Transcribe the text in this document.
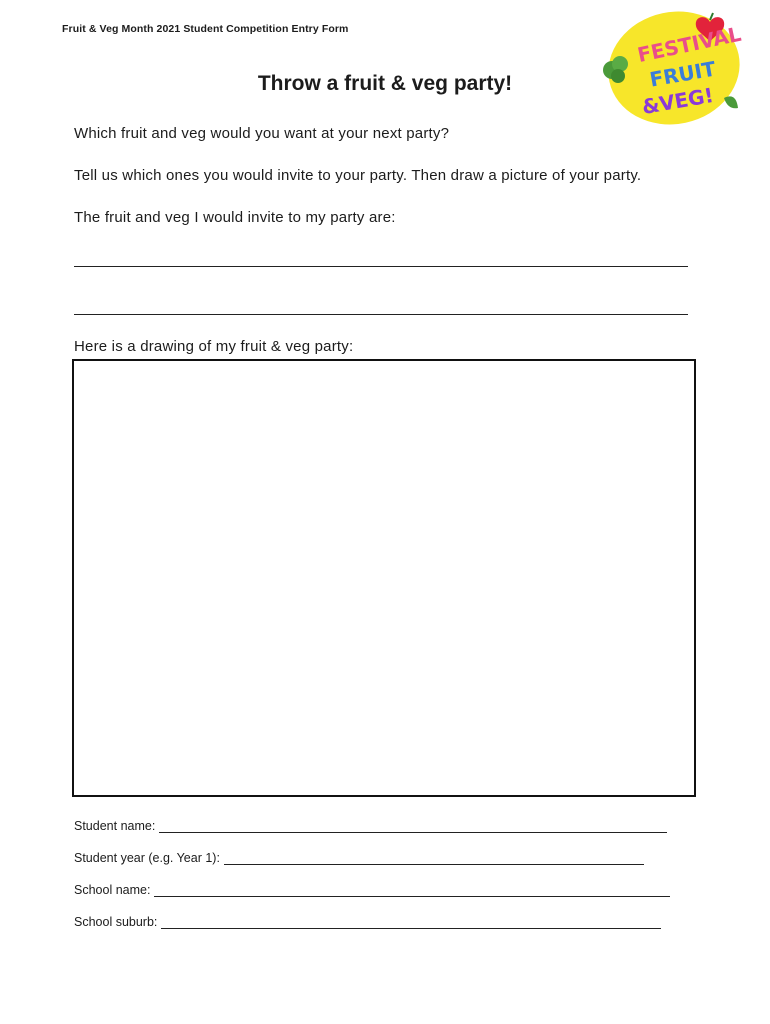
Fruit & Veg Month 2021 Student Competition Entry Form	FESTIVAL
FRUIT
&VEG!
Throw a fruit & veg party!
Which fruit and veg would you want at your next party?
Tell us which ones you would invite to your party. Then draw a picture of your party.
The fruit and veg I would invite to my party are:
Here is a drawing of my fruit & veg party:
Student name:
Student year (e.g. Year 1):
School name:
School suburb:
